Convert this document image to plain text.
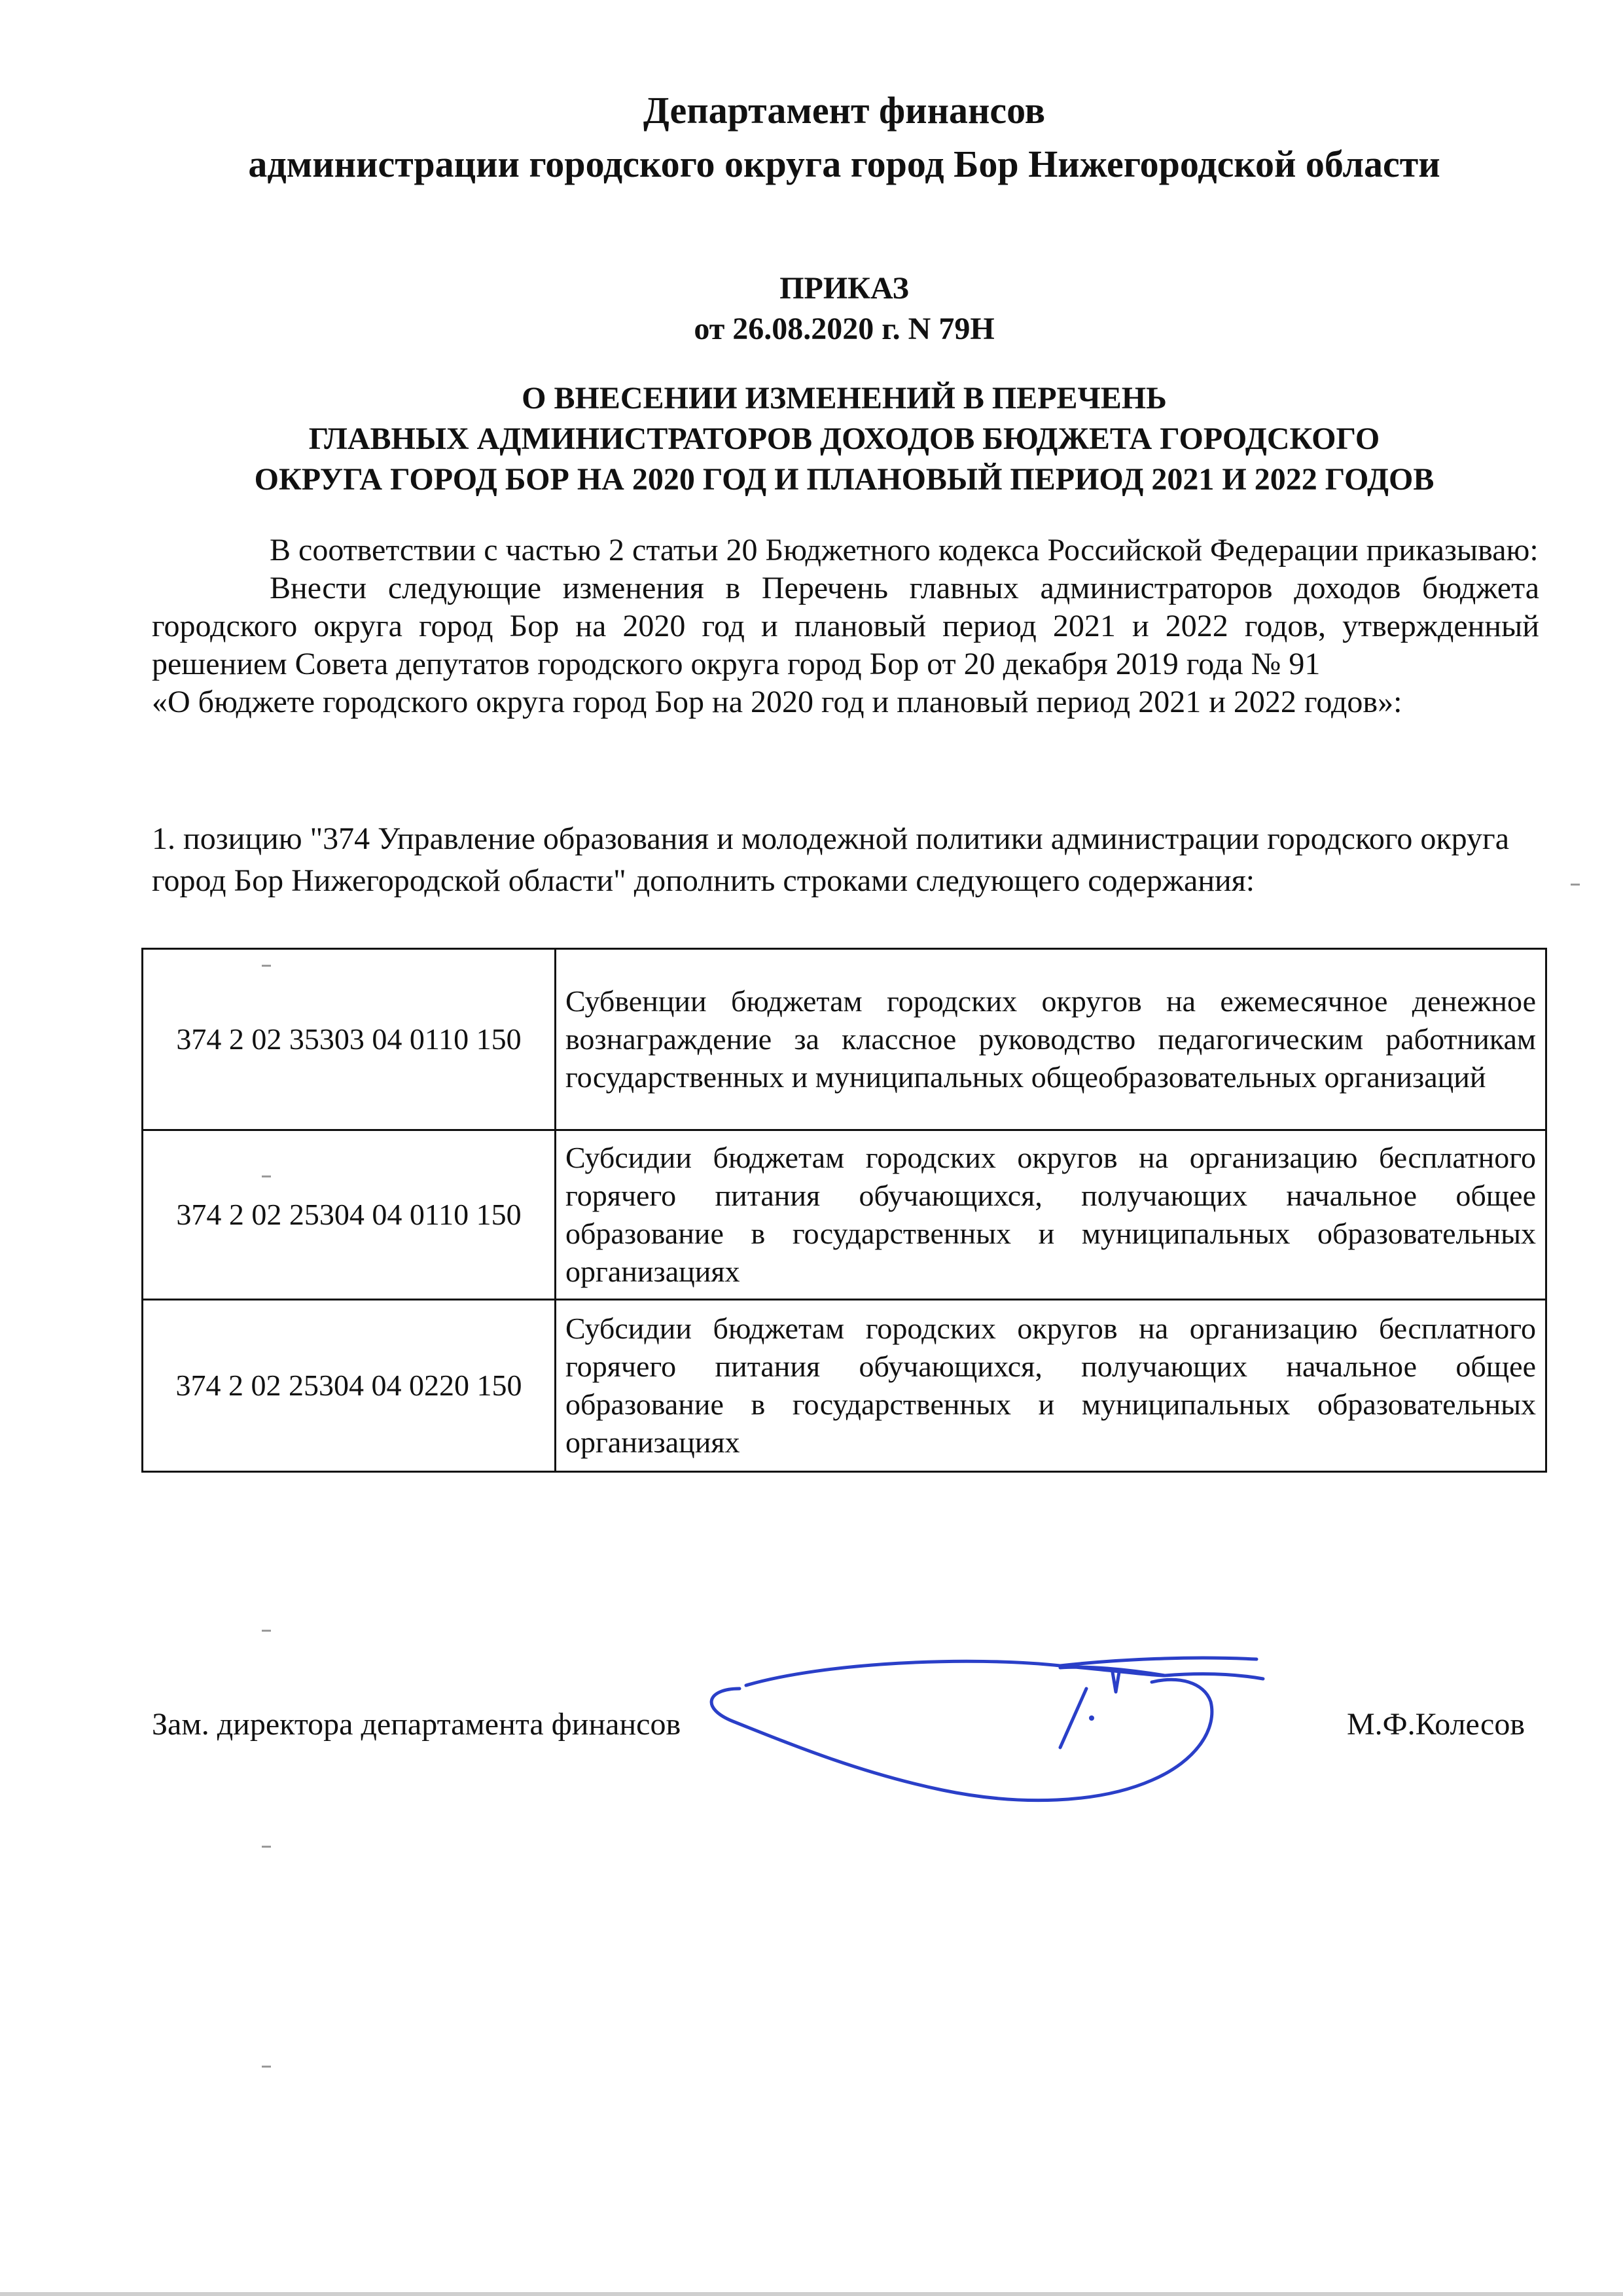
Департамент финансов
администрации городского округа город Бор Нижегородской области
ПРИКАЗ
от 26.08.2020 г. N 79Н
О ВНЕСЕНИИ ИЗМЕНЕНИЙ В ПЕРЕЧЕНЬ
ГЛАВНЫХ АДМИНИСТРАТОРОВ ДОХОДОВ БЮДЖЕТА ГОРОДСКОГО
ОКРУГА ГОРОД БОР НА 2020 ГОД И ПЛАНОВЫЙ ПЕРИОД 2021 И 2022 ГОДОВ

В соответствии с частью 2 статьи 20 Бюджетного кодекса Российской Федерации приказываю:

Внести следующие изменения в Перечень главных администраторов доходов бюджета городского округа город Бор на 2020 год и плановый период 2021 и 2022 годов, утвержденный решением Совета депутатов городского округа город Бор от 20 декабря 2019 года № 91

«О бюджете городского округа город Бор на 2020 год и плановый период 2021 и 2022 годов»:

1. позицию "374 Управление образования и молодежной политики администрации городского округа город Бор Нижегородской области" дополнить строками следующего содержания:
374 2 02 35303 04 0110 150	Субвенции бюджетам городских округов на ежемесячное денежное вознаграждение за классное руководство педагогическим работникам государственных и муниципальных общеобразовательных организаций
374 2 02 25304 04 0110 150	Субсидии бюджетам городских округов на организацию бесплатного горячего питания обучающихся, получающих начальное общее образование в государственных и муниципальных образовательных организациях
374 2 02 25304 04 0220 150	Субсидии бюджетам городских округов на организацию бесплатного горячего питания обучающихся, получающих начальное общее образование в государственных и муниципальных образовательных организациях
Зам. директора департамента финансов	М.Ф.Колесов
